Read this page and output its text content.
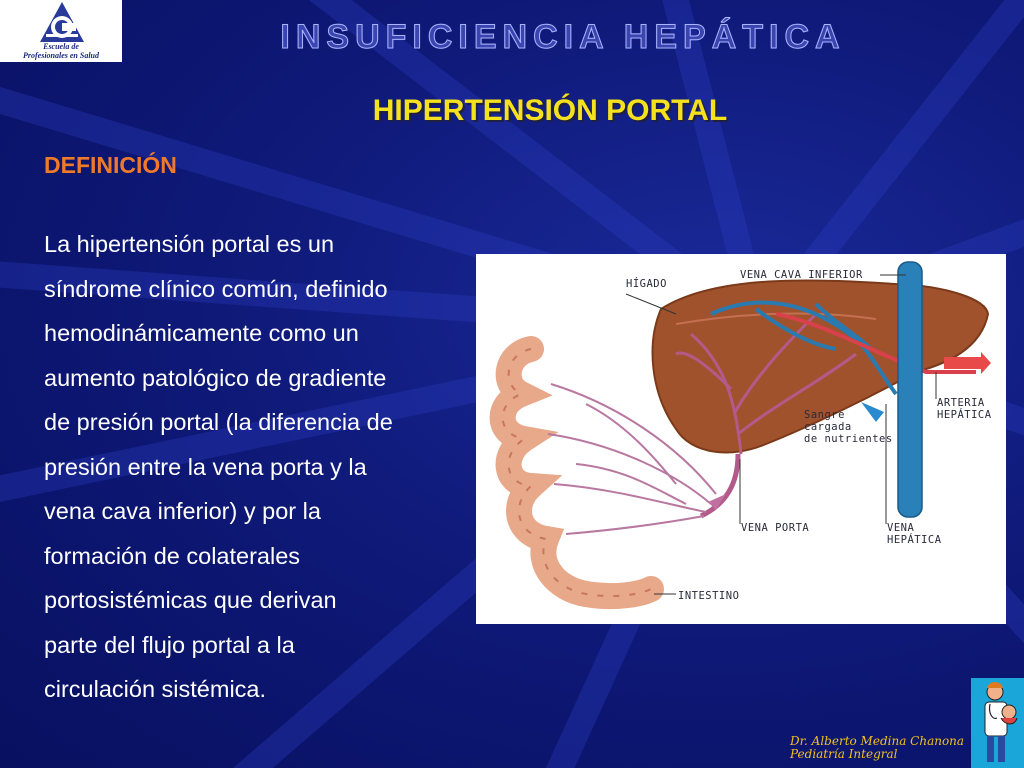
Escuela de
Profesionales en Salud	INSUFICIENCIA HEPÁTICA
HIPERTENSIÓN PORTAL
DEFINICIÓN
La hipertensión portal es un
síndrome clínico común, definido
hemodinámicamente como un
aumento patológico de gradiente
de presión portal (la diferencia de
presión entre la vena porta y la
vena cava inferior) y por la
formación de colaterales
portosistémicas que derivan
parte del flujo portal a la
circulación sistémica.
HÍGADO
VENA CAVA INFERIOR
ARTERIA
HEPÁTICA
Sangre
cargada
de nutrientes
VENA PORTA	VENA
HEPÁTICA
INTESTINO
Dr. Alberto Medina Chanona
Pediatría Integral
